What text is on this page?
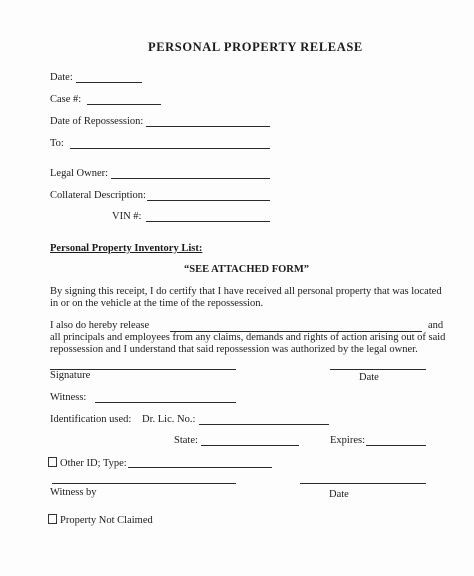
PERSONAL PROPERTY RELEASE
Date:
Case #:
Date of Repossession:
To:
Legal Owner:
Collateral Description:
VIN #:
Personal Property Inventory List:
“SEE ATTACHED FORM”
By signing this receipt, I do certify that I have received all personal property that was located
in or on the vehicle at the time of the repossession.
I also do hereby release	and
all principals and employees from any claims, demands and rights of action arising out of said
repossession and I understand that said repossession was authorized by the legal owner.
Signature	Date
Witness:
Identification used: Dr. Lic. No.:
State:	Expires:
Other ID; Type:
Witness by	Date
Property Not Claimed
